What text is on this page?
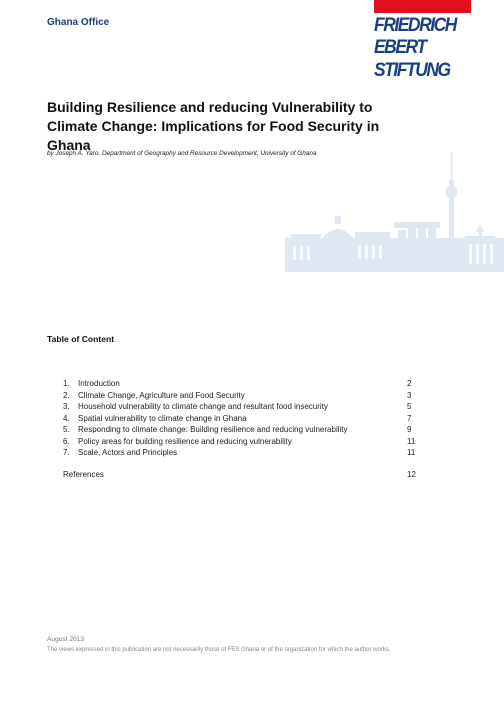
Ghana Office	FRIEDRICH
EBERT
STIFTUNG
Building Resilience and reducing Vulnerability to Climate Change: Implications for Food Security in Ghana
by Joseph A. Yaro, Department of Geography and Resource Development, University of Ghana
Table of Content
1.	Introduction	2
2.	Climate Change, Agriculture and Food Security	3
3.	Household vulnerability to climate change and resultant food insecurity	5
4.	Spatial vulnerability to climate change in Ghana	7
5.	Responding to climate change: Building resilience and reducing vulnerability	9
6.	Policy areas for building resilience and reducing vulnerability	11
7.	Scale, Actors and Principles	11
References	12
August 2013
The views expressed in this publication are not necessarily those of FES Ghana or of the organization for which the author works.
